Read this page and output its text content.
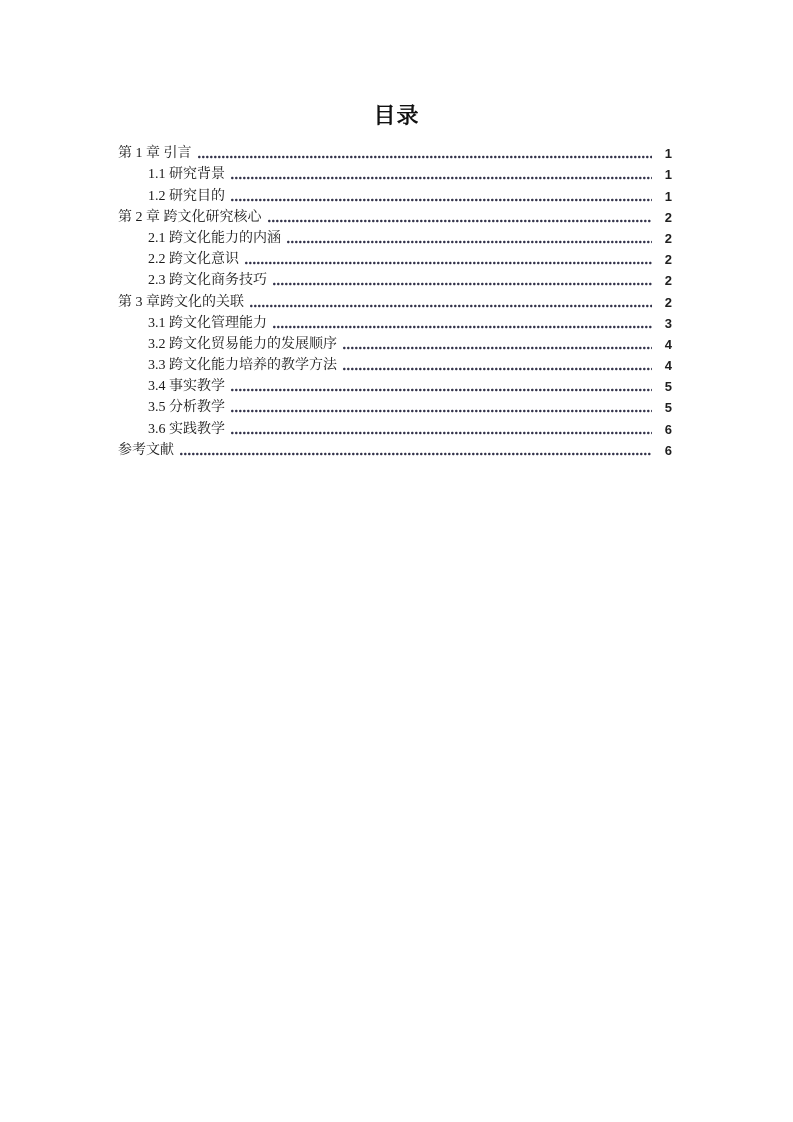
目录
第 1 章 引言	1
1.1 研究背景	1
1.2 研究目的	1
第 2 章 跨文化研究核心	2
2.1 跨文化能力的内涵	2
2.2 跨文化意识	2
2.3 跨文化商务技巧	2
第 3 章跨文化的关联	2
3.1 跨文化管理能力	3
3.2 跨文化贸易能力的发展顺序	4
3.3 跨文化能力培养的教学方法	4
3.4 事实教学	5
3.5 分析教学	5
3.6 实践教学	6
参考文献	6
